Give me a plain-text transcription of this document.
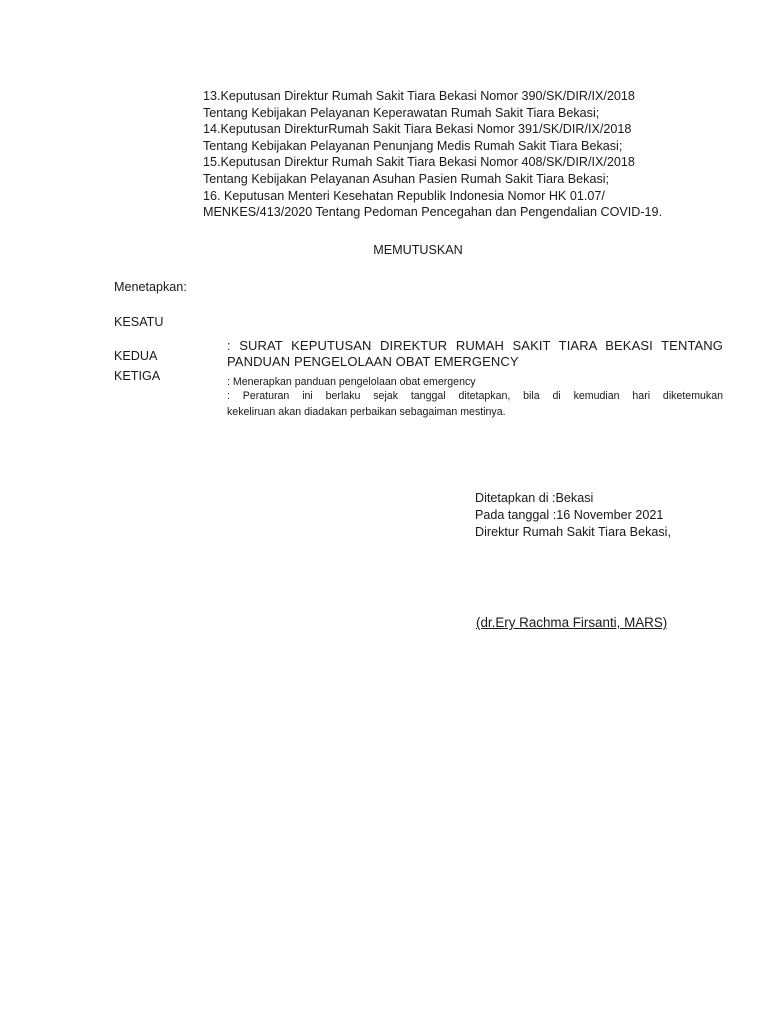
13.Keputusan Direktur Rumah Sakit Tiara Bekasi Nomor 390/SK/DIR/IX/2018

Tentang Kebijakan Pelayanan Keperawatan Rumah Sakit Tiara Bekasi;

14.Keputusan DirekturRumah Sakit Tiara Bekasi Nomor 391/SK/DIR/IX/2018

Tentang Kebijakan Pelayanan Penunjang Medis Rumah Sakit Tiara Bekasi;

15.Keputusan Direktur Rumah Sakit Tiara Bekasi Nomor 408/SK/DIR/IX/2018

Tentang Kebijakan Pelayanan Asuhan Pasien Rumah Sakit Tiara Bekasi;

16. Keputusan Menteri Kesehatan Republik Indonesia Nomor HK 01.07/

MENKES/413/2020 Tentang Pedoman Pencegahan dan Pengendalian COVID-19.

MEMUTUSKAN
Menetapkan:
KESATU
KEDUA
KETIGA
: SURAT KEPUTUSAN DIREKTUR RUMAH SAKIT TIARA BEKASI TENTANG
PANDUAN PENGELOLAAN OBAT EMERGENCY
: Menerapkan panduan pengelolaan obat emergency
: Peraturan ini berlaku sejak tanggal ditetapkan, bila di kemudian hari diketemukan
kekeliruan akan diadakan perbaikan sebagaiman mestinya.
Ditetapkan di :Bekasi
Pada tanggal :16 November 2021
Direktur Rumah Sakit Tiara Bekasi,
(dr.Ery Rachma Firsanti, MARS)
